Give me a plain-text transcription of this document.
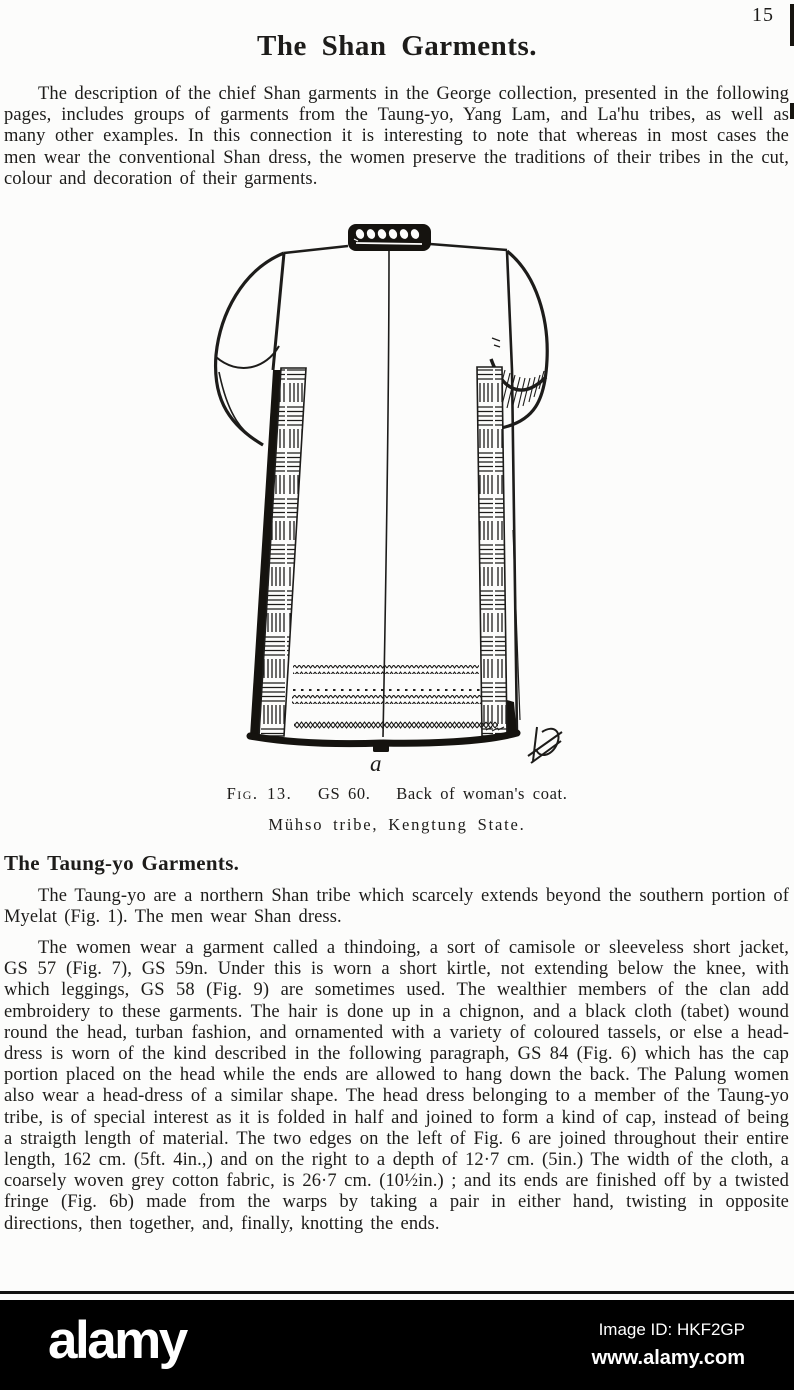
15
The Shan Garments.

The description of the chief Shan garments in the George collection, presented in the following pages, includes groups of garments from the Taung-yo, Yang Lam, and La'hu tribes, as well as many other examples. In this connection it is interesting to note that whereas in most cases the men wear the conventional Shan dress, the women preserve the traditions of their tribes in the cut, colour and decoration of their garments.

a
Fig. 13. GS 60. Back of woman's coat.
Mühso tribe, Kengtung State.
The Taung-yo Garments.

The Taung-yo are a northern Shan tribe which scarcely extends beyond the southern portion of Myelat (Fig. 1). The men wear Shan dress.

The women wear a garment called a thindoing, a sort of camisole or sleeveless short jacket, GS 57 (Fig. 7), GS 59n. Under this is worn a short kirtle, not extending below the knee, with which leggings, GS 58 (Fig. 9) are sometimes used. The wealthier members of the clan add embroidery to these garments. The hair is done up in a chignon, and a black cloth (tabet) wound round the head, turban fashion, and ornamented with a variety of coloured tassels, or else a head-dress is worn of the kind described in the following paragraph, GS 84 (Fig. 6) which has the cap portion placed on the head while the ends are allowed to hang down the back. The Palung women also wear a head-dress of a similar shape. The head dress belonging to a member of the Taung-yo tribe, is of special interest as it is folded in half and joined to form a kind of cap, instead of being a straigth length of material. The two edges on the left of Fig. 6 are joined throughout their entire length, 162 cm. (5ft. 4in.,) and on the right to a depth of 12·7 cm. (5in.) The width of the cloth, a coarsely woven grey cotton fabric, is 26·7 cm. (10½in.) ; and its ends are finished off by a twisted fringe (Fig. 6b) made from the warps by taking a pair in either hand, twisting in opposite directions, then together, and, finally, knotting the ends.

alamy	Image ID: HKF2GP

www.alamy.com
